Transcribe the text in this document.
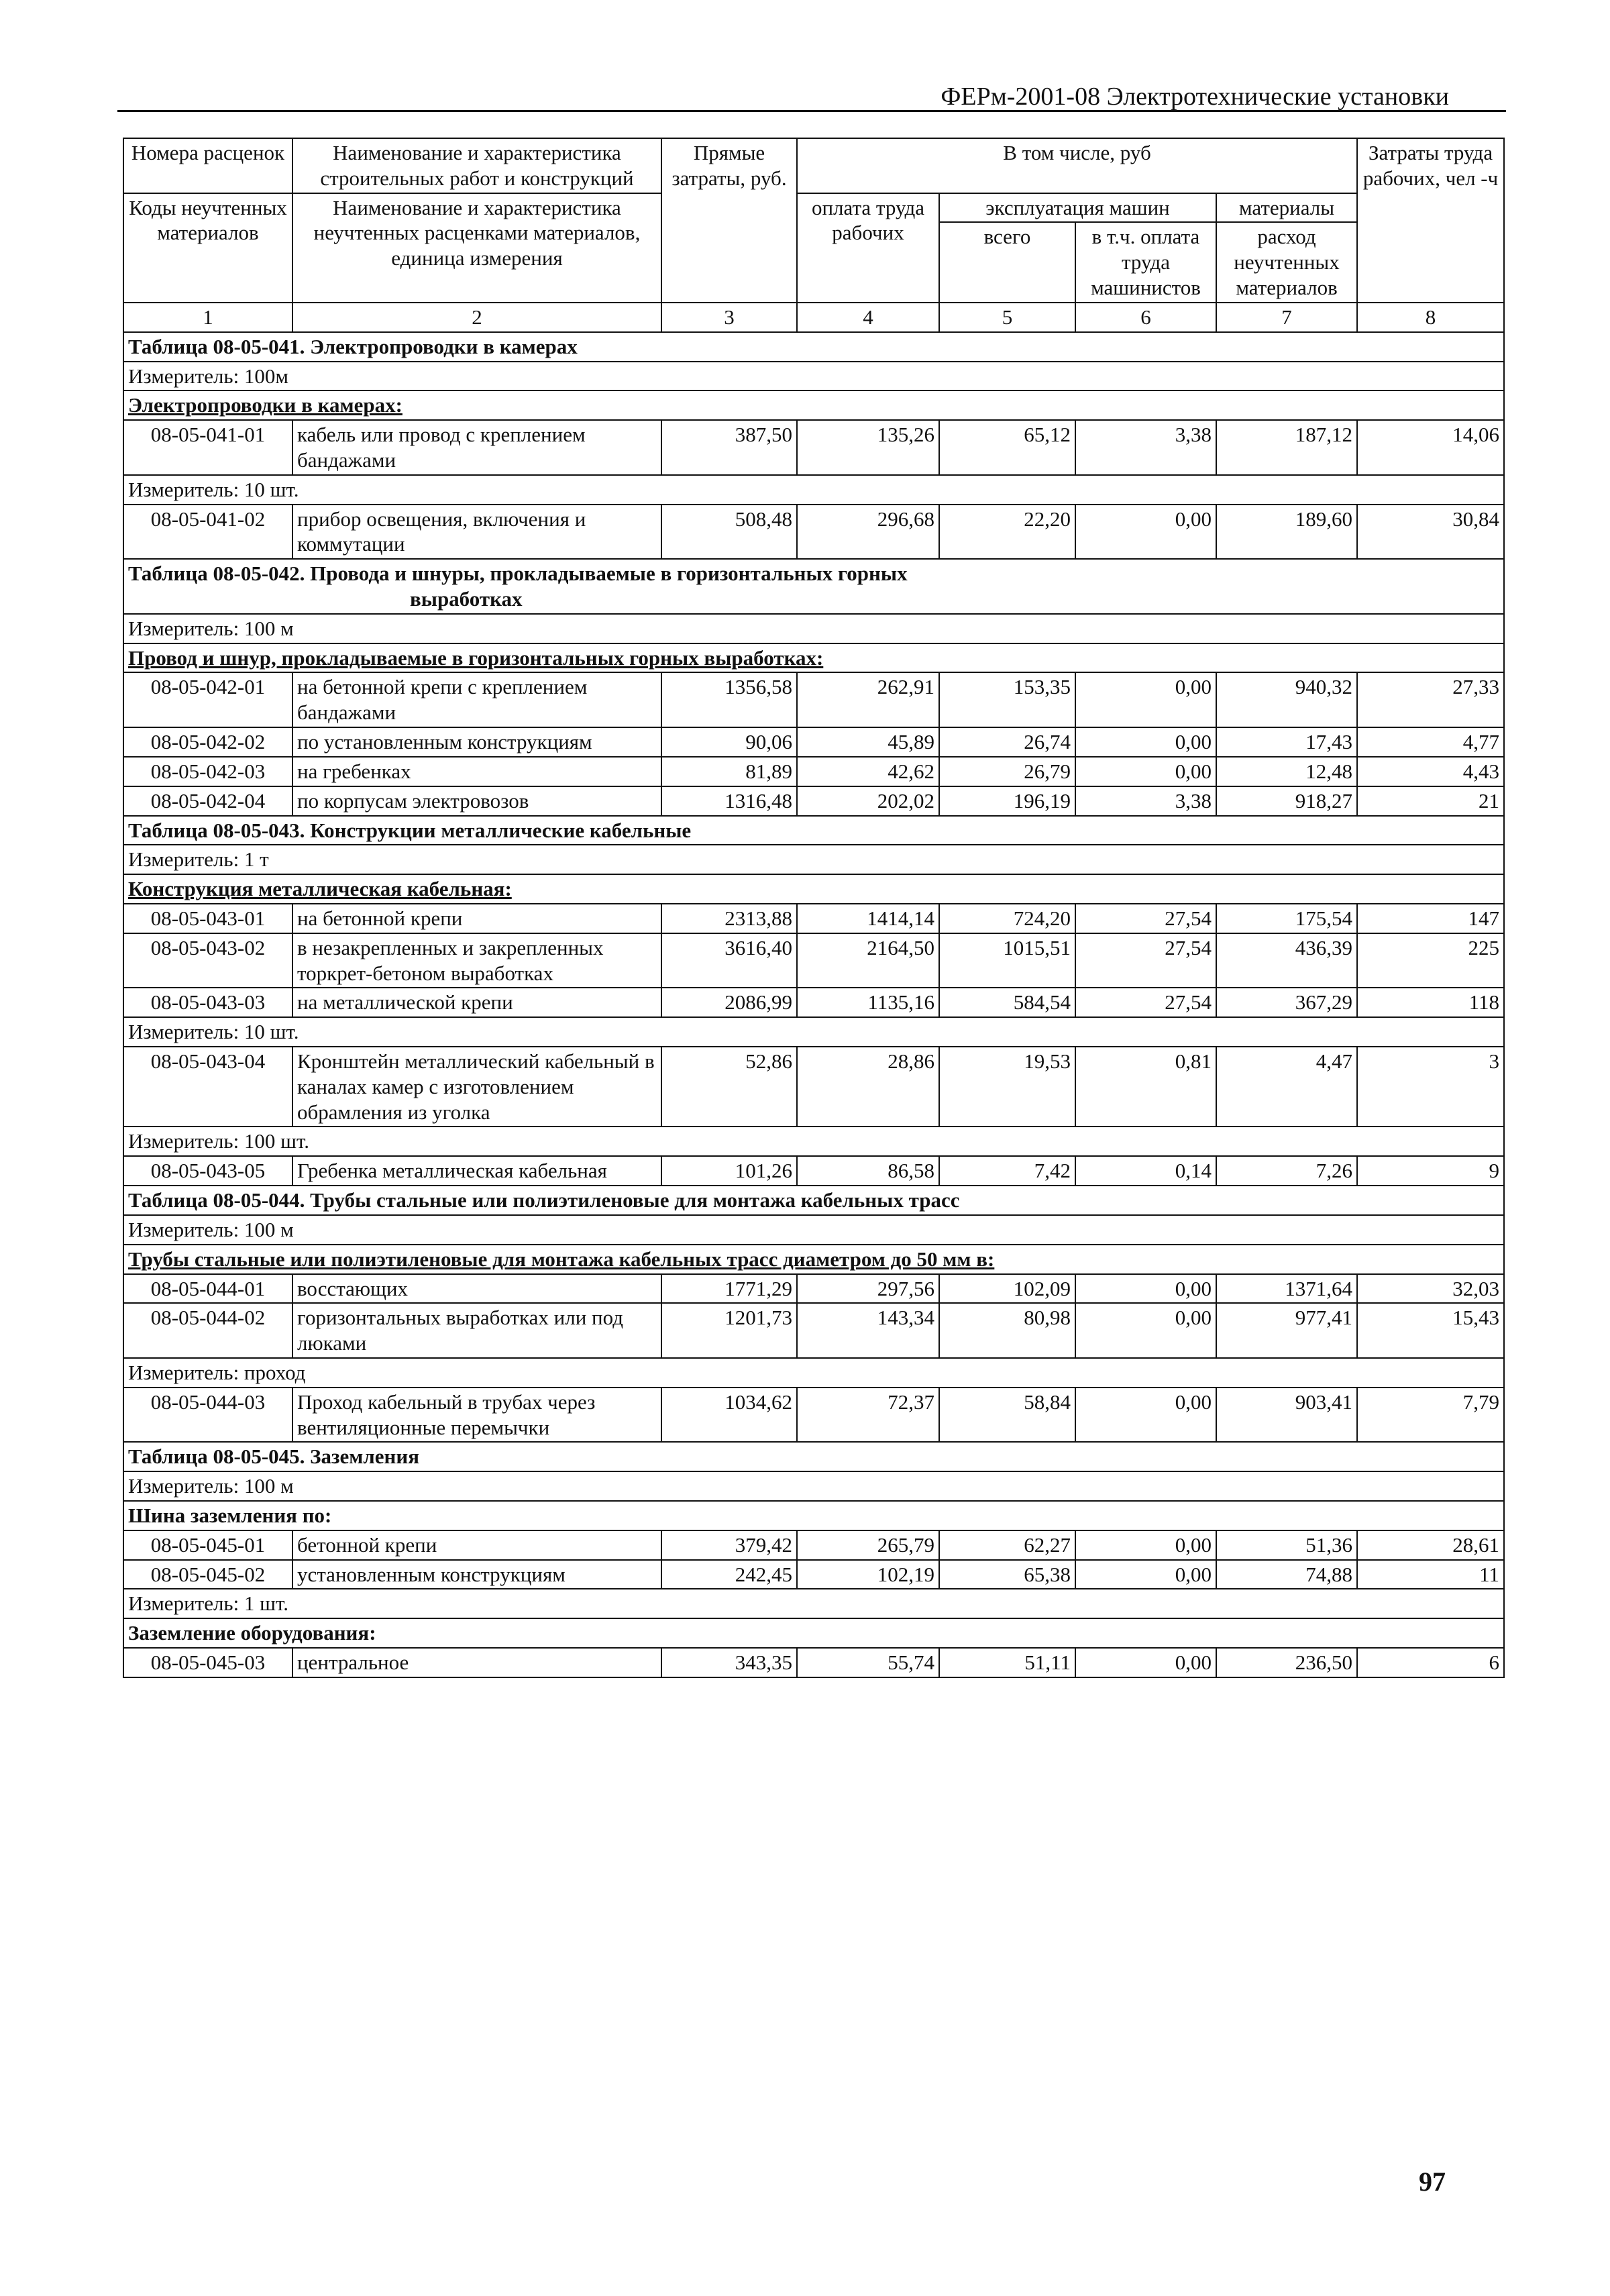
ФЕРм-2001-08 Электротехнические установки
Номера расценок	Наименование и характеристика строительных работ и конструкций	Прямые затраты, руб.	В том числе, руб				Затраты труда рабочих, чел -ч
Коды неучтенных материалов	Наименование и характеристика неучтенных расценками материалов, единица измерения		оплата труда рабочих	эксплуатация машин		материалы	
				всего	в т.ч. оплата труда машинистов	расход неучтенных материалов	
1	2	3	4	5	6	7	8
Таблица 08-05-041. Электропроводки в камерах							
Измеритель: 100м							
Электропроводки в камерах:							
08-05-041-01	кабель или провод с креплением бандажами	387,50	135,26	65,12	3,38	187,12	14,06
Измеритель: 10 шт.							
08-05-041-02	прибор освещения, включения и коммутации	508,48	296,68	22,20	0,00	189,60	30,84
Таблица 08-05-042. Провода и шнуры, прокладываемые в горизонтальных горных
выработках							

Измеритель: 100 м							
Провод и шнур, прокладываемые в горизонтальных горных выработках:							
08-05-042-01	на бетонной крепи с креплением бандажами	1356,58	262,91	153,35	0,00	940,32	27,33
08-05-042-02	по установленным конструкциям	90,06	45,89	26,74	0,00	17,43	4,77
08-05-042-03	на гребенках	81,89	42,62	26,79	0,00	12,48	4,43
08-05-042-04	по корпусам электровозов	1316,48	202,02	196,19	3,38	918,27	21
Таблица 08-05-043. Конструкции металлические кабельные							
Измеритель: 1 т							
Конструкция металлическая кабельная:							
08-05-043-01	на бетонной крепи	2313,88	1414,14	724,20	27,54	175,54	147
08-05-043-02	в незакрепленных и закрепленных торкрет-бетоном выработках	3616,40	2164,50	1015,51	27,54	436,39	225
08-05-043-03	на металлической крепи	2086,99	1135,16	584,54	27,54	367,29	118
Измеритель: 10 шт.							
08-05-043-04	Кронштейн металлический кабельный в каналах камер с изготовлением обрамления из уголка	52,86	28,86	19,53	0,81	4,47	3
Измеритель: 100 шт.							
08-05-043-05	Гребенка металлическая кабельная	101,26	86,58	7,42	0,14	7,26	9
Таблица 08-05-044. Трубы стальные или полиэтиленовые для монтажа кабельных трасс							
Измеритель: 100 м							
Трубы стальные или полиэтиленовые для монтажа кабельных трасс диаметром до 50 мм в:							
08-05-044-01	восстающих	1771,29	297,56	102,09	0,00	1371,64	32,03
08-05-044-02	горизонтальных выработках или под люками	1201,73	143,34	80,98	0,00	977,41	15,43
Измеритель: проход							
08-05-044-03	Проход кабельный в трубах через вентиляционные перемычки	1034,62	72,37	58,84	0,00	903,41	7,79
Таблица 08-05-045. Заземления							
Измеритель: 100 м							
Шина заземления по:							
08-05-045-01	бетонной крепи	379,42	265,79	62,27	0,00	51,36	28,61
08-05-045-02	установленным конструкциям	242,45	102,19	65,38	0,00	74,88	11
Измеритель: 1 шт.							
Заземление оборудования:							
08-05-045-03	центральное	343,35	55,74	51,11	0,00	236,50	6
97
